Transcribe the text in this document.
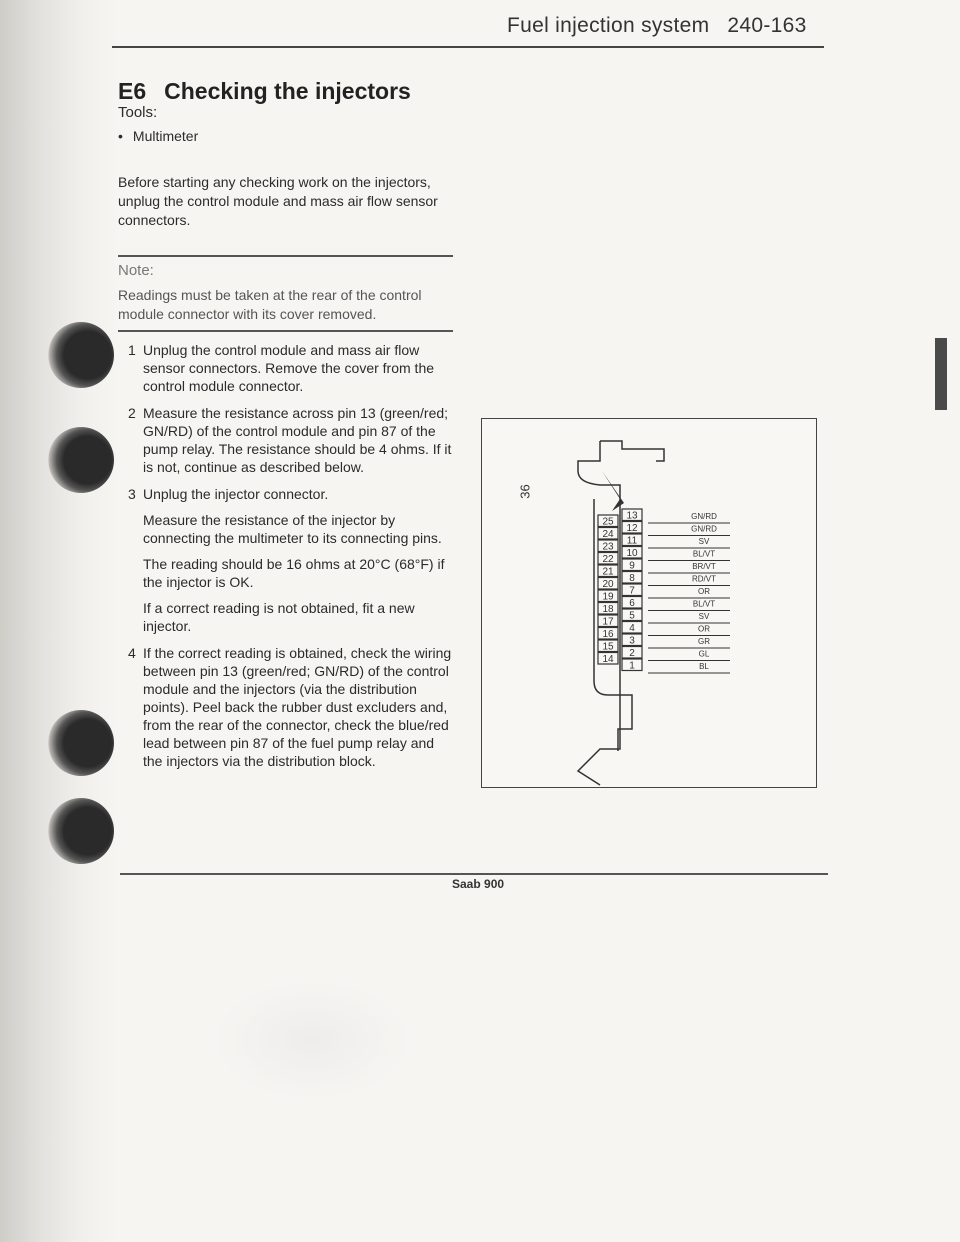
Fuel injection system 240-163
E6 Checking the injectors
Tools:
• Multimeter
Before starting any checking work on the injectors, unplug the control module and mass air flow sensor connectors.
Note:
Readings must be taken at the rear of the control module connector with its cover removed.
1 Unplug the control module and mass air flow sensor connectors. Remove the cover from the control module connector.

2 Measure the resistance across pin 13 (green/red; GN/RD) of the control module and pin 87 of the pump relay. The resistance should be 4 ohms. If it is not, continue as described below.

3 Unplug the injector connector.

Measure the resistance of the injector by connecting the multimeter to its connecting pins.

The reading should be 16 ohms at 20°C (68°F) if the injector is OK.

If a correct reading is not obtained, fit a new injector.

4 If the correct reading is obtained, check the wiring between pin 13 (green/red; GN/RD) of the control module and the injectors (via the distribution points). Peel back the rubber dust excluders and, from the rear of the connector, check the blue/red lead between pin 87 of the fuel pump relay and the injectors via the distribution block.

25
24
23
22
21
20
19
18
17
16
15
14
13
12
11
10
9
8
7
6
5
4
3
2
1
GN/RD
GN/RD
SV
BL/VT
BR/VT
RD/VT
OR
BL/VT
SV
OR
GR
GL
BL
36
Saab 900
